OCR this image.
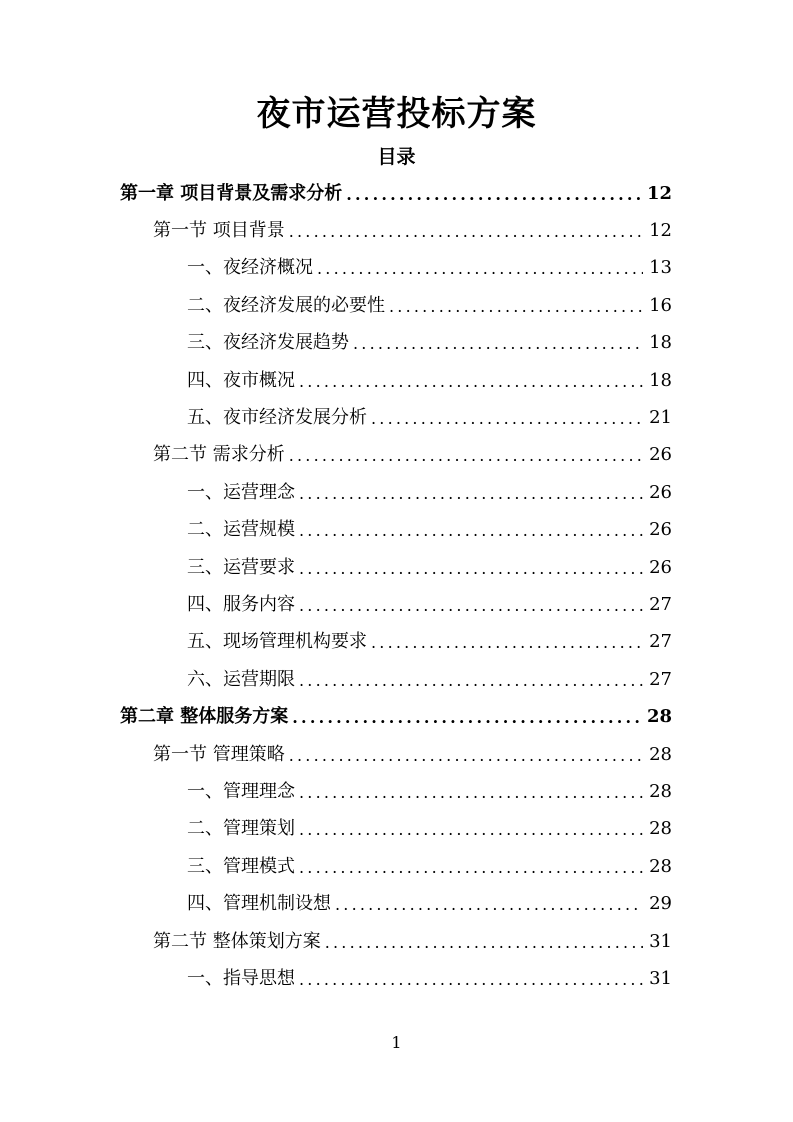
夜市运营投标方案
目录
第一章 项目背景及需求分析 .....	12
第一节 项目背景 .....	12
一、夜经济概况 .....	13
二、夜经济发展的必要性 .....	16
三、夜经济发展趋势 .....	18
四、夜市概况 .....	18
五、夜市经济发展分析 .....	21
第二节 需求分析 .....	26
一、运营理念 .....	26
二、运营规模 .....	26
三、运营要求 .....	26
四、服务内容 .....	27
五、现场管理机构要求 .....	27
六、运营期限 .....	27
第二章 整体服务方案 .....	28
第一节 管理策略 .....	28
一、管理理念 .....	28
二、管理策划 .....	28
三、管理模式 .....	28
四、管理机制设想 .....	29
第二节 整体策划方案 .....	31
一、指导思想 .....	31
1
